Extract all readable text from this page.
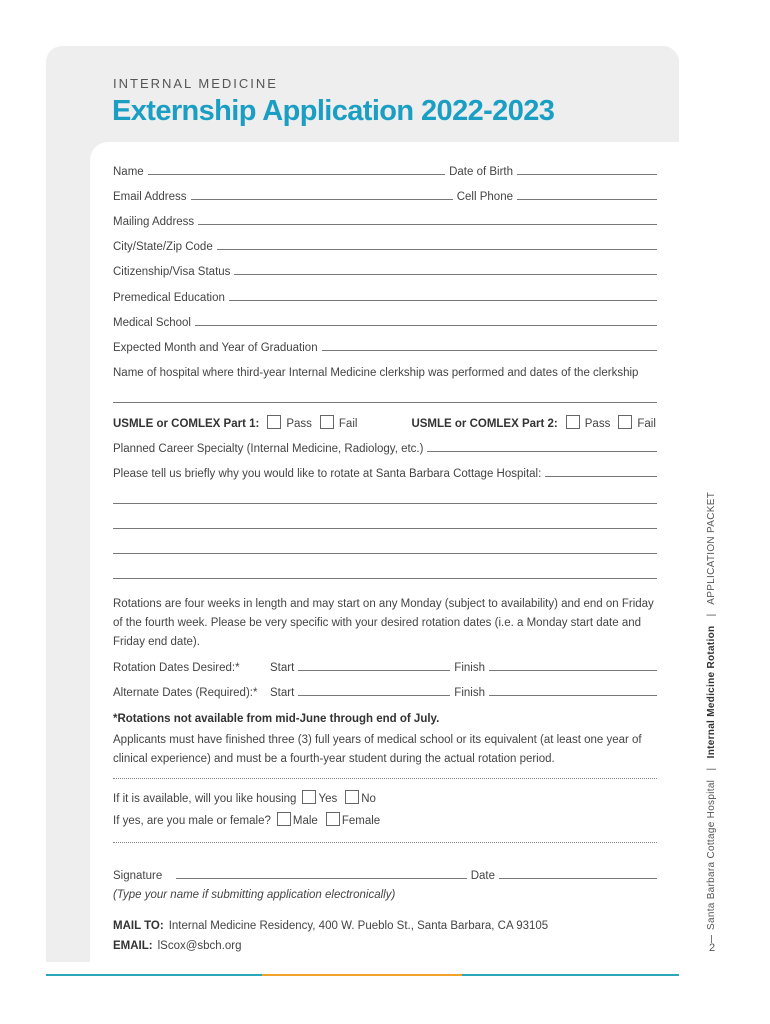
INTERNAL MEDICINE
Externship Application 2022-2023
Name	Date of Birth
Email Address	Cell Phone
Mailing Address
City/State/Zip Code
Citizenship/Visa Status
Premedical Education
Medical School
Expected Month and Year of Graduation
Name of hospital where third-year Internal Medicine clerkship was performed and dates of the clerkship
USMLE or COMLEX Part 1: Pass Fail	USMLE or COMLEX Part 2: Pass Fail
Planned Career Specialty (Internal Medicine, Radiology, etc.)
Please tell us briefly why you would like to rotate at Santa Barbara Cottage Hospital:
Rotations are four weeks in length and may start on any Monday (subject to availability) and end on Friday of the fourth week. Please be very specific with your desired rotation dates (i.e. a Monday start date and Friday end date).
Rotation Dates Desired:*	Start	Finish
Alternate Dates (Required):*	Start	Finish
*Rotations not available from mid-June through end of July.
Applicants must have finished three (3) full years of medical school or its equivalent (at least one year of clinical experience) and must be a fourth-year student during the actual rotation period.
If it is available, will you like housing Yes No
If yes, are you male or female? Male Female
Signature	Date
(Type your name if submitting application electronically)
MAIL TO: Internal Medicine Residency, 400 W. Pueblo St., Santa Barbara, CA 93105
EMAIL: lScox@sbch.org
Santa Barbara Cottage Hospital   |   Internal Medicine Rotation   |   APPLICATION PACKET
2
